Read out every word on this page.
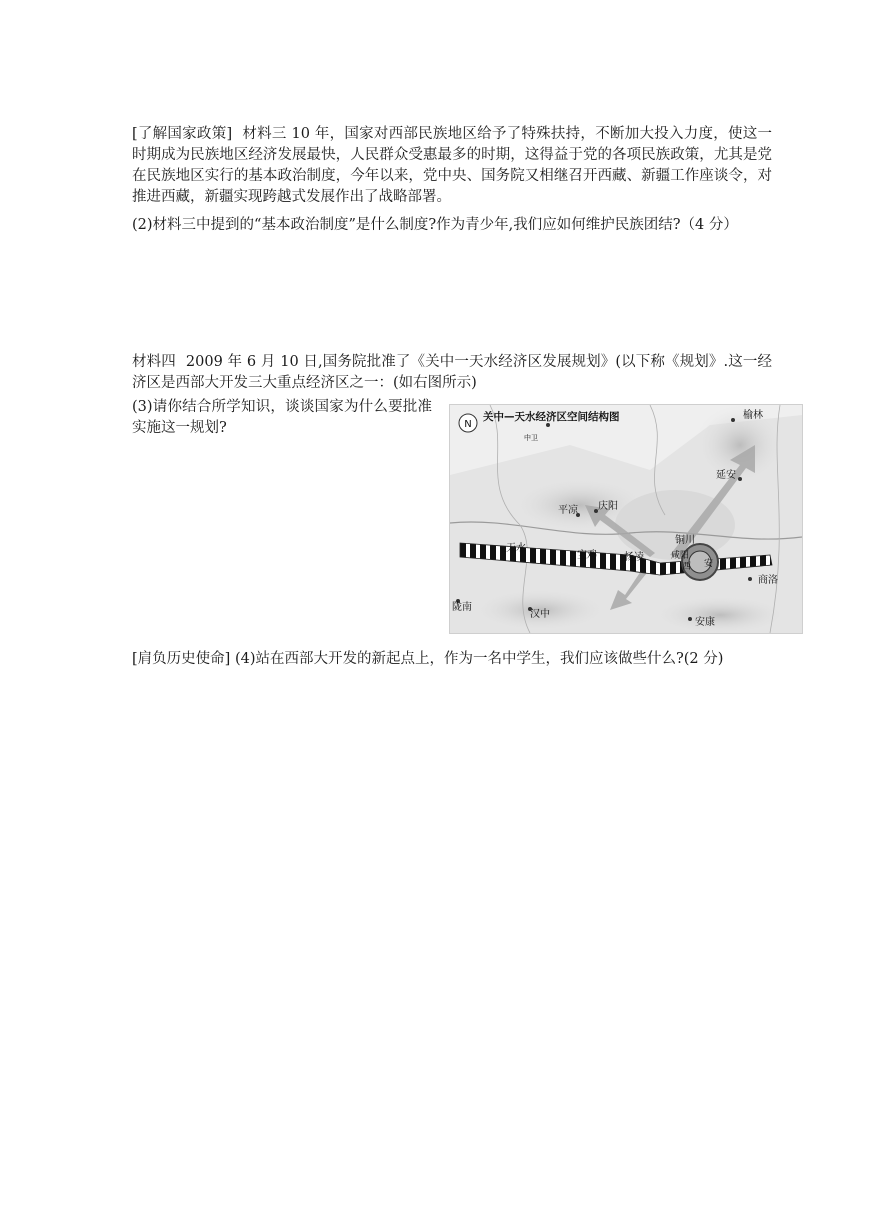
[了解国家政策] 材料三 10 年，国家对西部民族地区给予了特殊扶持，不断加大投入力度，使这一时期成为民族地区经济发展最快，人民群众受惠最多的时期，这得益于党的各项民族政策，尤其是党在民族地区实行的基本政治制度，今年以来，党中央、国务院又相继召开西藏、新疆工作座谈令，对推进西藏，新疆实现跨越式发展作出了战略部署。

(2)材料三中提到的“基本政治制度”是什么制度?作为青少年,我们应如何维护民族团结?（4 分）

材料四 2009 年 6 月 10 日,国务院批准了《关中一天水经济区发展规划》(以下称《规划》.这一经济区是西部大开发三大重点经济区之一：(如右图所示)

(3)请你结合所学知识，谈谈国家为什么要批准实施这一规划?	N
关中—天水经济区空间结构图
中卫
榆林
延安
平凉 庆阳
铜川
天水
宝鸡	杨凌	咸阳
西 安
商洛
陇南
汉中
安康

[肩负历史使命] (4)站在西部大开发的新起点上，作为一名中学生，我们应该做些什么?(2 分)
